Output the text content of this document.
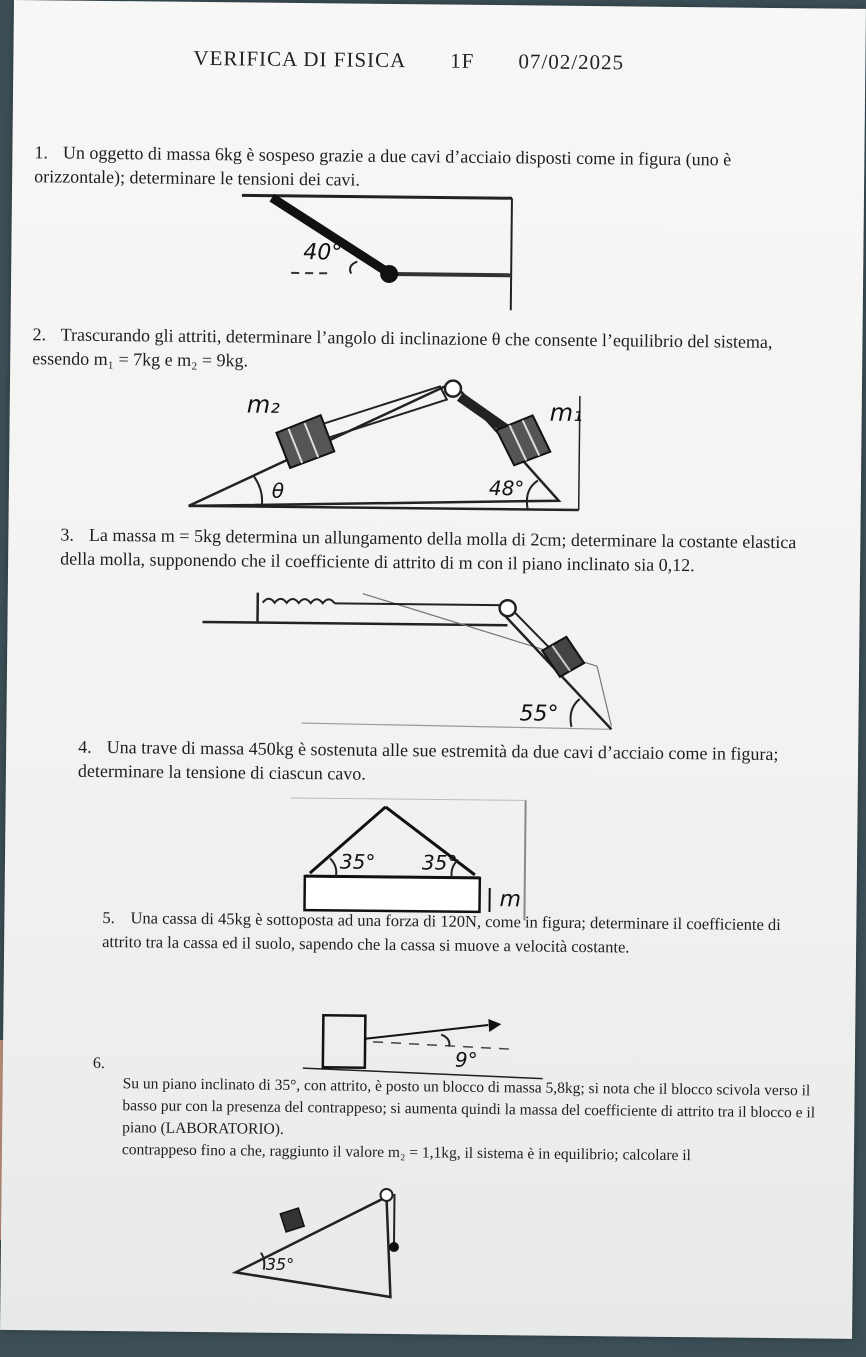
VERIFICA DI FISICA 1F 07/02/2025
1. Un oggetto di massa 6kg è sospeso grazie a due cavi d’acciaio disposti come in figura (uno è orizzontale); determinare le tensioni dei cavi.
40°
2. Trascurando gli attriti, determinare l’angolo di inclinazione θ che consente l’equilibrio del sistema, essendo m₁ = 7kg e m₂ = 9kg.
m₂	m₁
θ	48°
3. La massa m = 5kg determina un allungamento della molla di 2cm; determinare la costante elastica della molla, supponendo che il coefficiente di attrito di m con il piano inclinato sia 0,12.
55°
4. Una trave di massa 450kg è sostenuta alle sue estremità da due cavi d’acciaio come in figura; determinare la tensione di ciascun cavo.
35° 35°
m
5. Una cassa di 45kg è sottoposta ad una forza di 120N, come in figura; determinare il coefficiente di attrito tra la cassa ed il suolo, sapendo che la cassa si muove a velocità costante.
9°
6.
Su un piano inclinato di 35°, con attrito, è posto un blocco di massa 5,8kg; si nota che il blocco scivola verso il basso pur con la presenza del contrappeso; si aumenta quindi la massa del coefficiente di attrito tra il blocco e il piano (LABORATORIO).
contrappeso fino a che, raggiunto il valore m₂ = 1,1kg, il sistema è in equilibrio; calcolare il
35°
